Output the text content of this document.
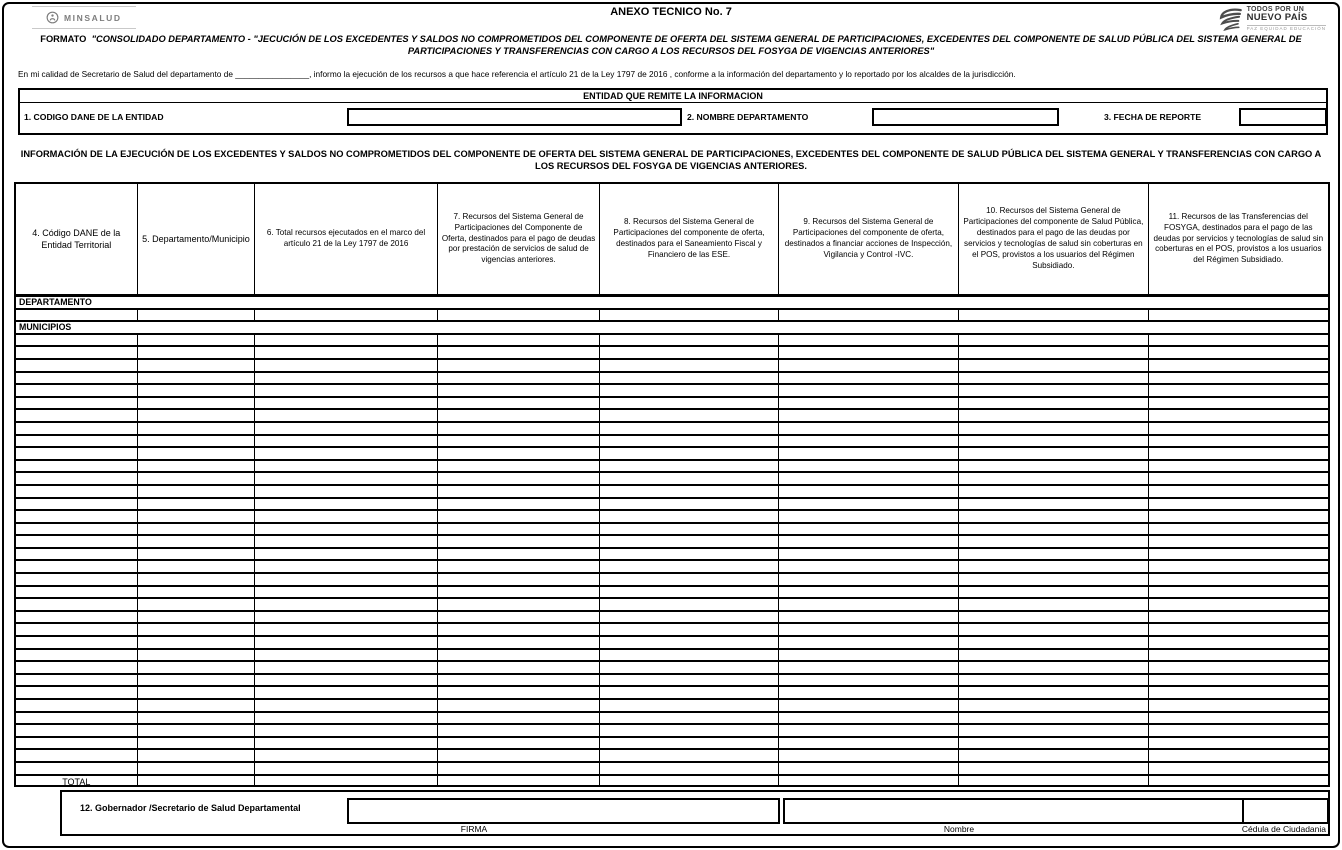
ANEXO TECNICO No. 7
MINSALUD
TODOS POR UN
NUEVO PAÍS
PAZ EQUIDAD EDUCACIÓN
FORMATO "CONSOLIDADO DEPARTAMENTO - "JECUCIÓN DE LOS EXCEDENTES Y SALDOS NO COMPROMETIDOS DEL COMPONENTE DE OFERTA DEL SISTEMA GENERAL DE PARTICIPACIONES, EXCEDENTES DEL COMPONENTE DE SALUD PÚBLICA DEL SISTEMA GENERAL DE PARTICIPACIONES Y TRANSFERENCIAS CON CARGO A LOS RECURSOS DEL FOSYGA DE VIGENCIAS ANTERIORES"
En mi calidad de Secretario de Salud del departamento de ________________, informo la ejecución de los recursos a que hace referencia el artículo 21 de la Ley 1797 de 2016 , conforme a la información del departamento y lo reportado por los alcaldes de la jurisdicción.
ENTIDAD QUE REMITE LA INFORMACION
1. CODIGO DANE DE LA ENTIDAD	2. NOMBRE DEPARTAMENTO	3. FECHA DE REPORTE
INFORMACIÓN DE LA EJECUCIÓN DE LOS EXCEDENTES Y SALDOS NO COMPROMETIDOS DEL COMPONENTE DE OFERTA DEL SISTEMA GENERAL DE PARTICIPACIONES, EXCEDENTES DEL COMPONENTE DE SALUD PÚBLICA DEL SISTEMA GENERAL Y TRANSFERENCIAS CON CARGO A LOS RECURSOS DEL FOSYGA DE VIGENCIAS ANTERIORES.
4. Código DANE de la Entidad Territorial
5. Departamento/Municipio
6. Total recursos ejecutados en el marco del artículo 21 de la Ley 1797 de 2016
7. Recursos del Sistema General de Participaciones del Componente de Oferta, destinados para el pago de deudas por prestación de servicios de salud de vigencias anteriores.
8. Recursos del Sistema General de Participaciones del componente de oferta, destinados para el Saneamiento Fiscal y Financiero de las ESE.
9. Recursos del Sistema General de Participaciones del componente de oferta, destinados a financiar acciones de Inspección, Vigilancia y Control -IVC.
10. Recursos del Sistema General de Participaciones del componente de Salud Pública, destinados para el pago de las deudas por servicios y tecnologías de salud sin coberturas en el POS, provistos a los usuarios del Régimen Subsidiado.
11. Recursos de las Transferencias del FOSYGA, destinados para el pago de las deudas por servicios y tecnologías de salud sin coberturas en el POS, provistos a los usuarios del Régimen Subsidiado.
DEPARTAMENTO
MUNICIPIOS
TOTAL
12. Gobernador /Secretario de Salud Departamental
FIRMA	Nombre	Cédula de Ciudadania
